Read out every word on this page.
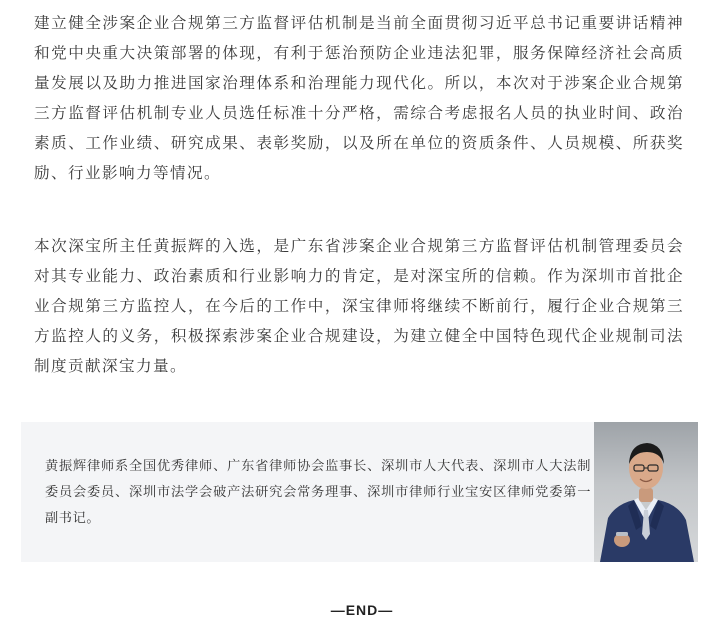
建立健全涉案企业合规第三方监督评估机制是当前全面贯彻习近平总书记重要讲话精神和党中央重大决策部署的体现，有利于惩治预防企业违法犯罪，服务保障经济社会高质量发展以及助力推进国家治理体系和治理能力现代化。所以，本次对于涉案企业合规第三方监督评估机制专业人员选任标准十分严格，需综合考虑报名人员的执业时间、政治素质、工作业绩、研究成果、表彰奖励，以及所在单位的资质条件、人员规模、所获奖励、行业影响力等情况。

本次深宝所主任黄振辉的入选，是广东省涉案企业合规第三方监督评估机制管理委员会对其专业能力、政治素质和行业影响力的肯定，是对深宝所的信赖。作为深圳市首批企业合规第三方监控人，在今后的工作中，深宝律师将继续不断前行，履行企业合规第三方监控人的义务，积极探索涉案企业合规建设，为建立健全中国特色现代企业规制司法制度贡献深宝力量。

黄振辉律师系全国优秀律师、广东省律师协会监事长、深圳市人大代表、深圳市人大法制委员会委员、深圳市法学会破产法研究会常务理事、深圳市律师行业宝安区律师党委第一副书记。

—END—
